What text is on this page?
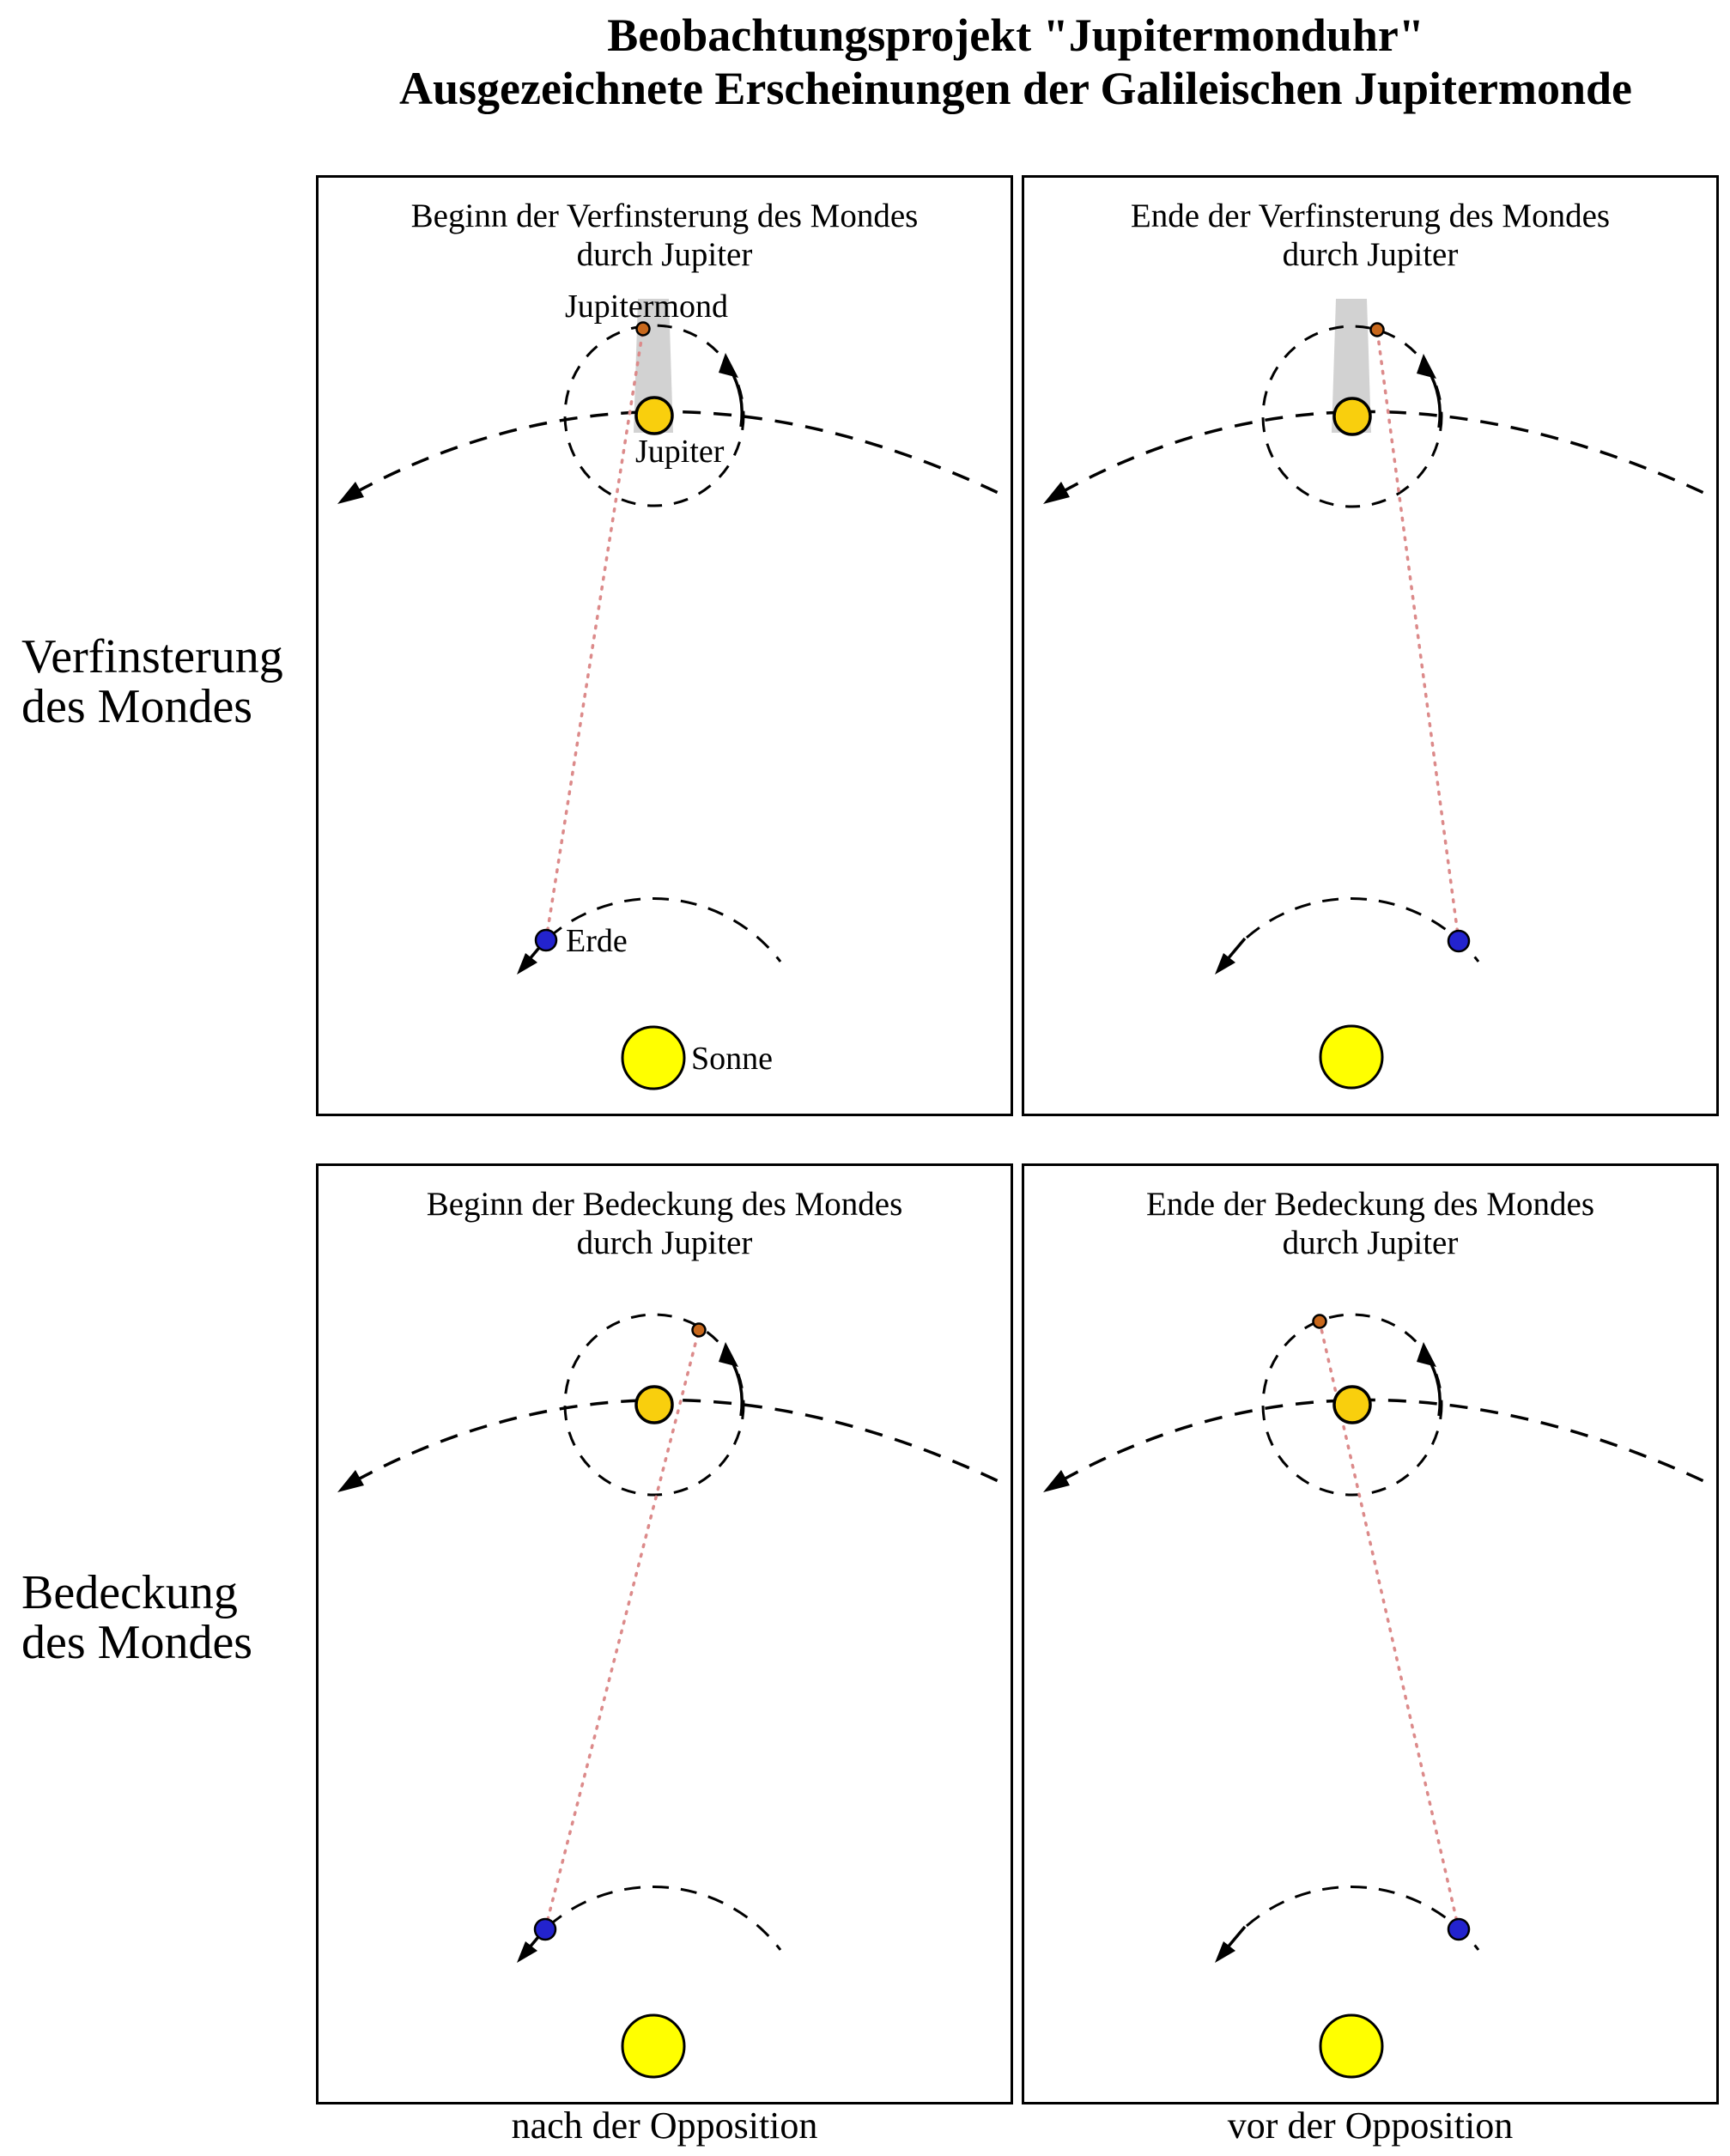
Beobachtungsprojekt "Jupitermonduhr"
Ausgezeichnete Erscheinungen der Galileischen Jupitermonde
Verfinsterung
des Mondes
Bedeckung
des Mondes
Beginn der Verfinsterung des Mondes
durch Jupiter
Jupitermond
Jupiter
Erde
Sonne
Ende der Verfinsterung des Mondes
durch Jupiter
Beginn der Bedeckung des Mondes
durch Jupiter
Ende der Bedeckung des Mondes
durch Jupiter
nach der Opposition	vor der Opposition
